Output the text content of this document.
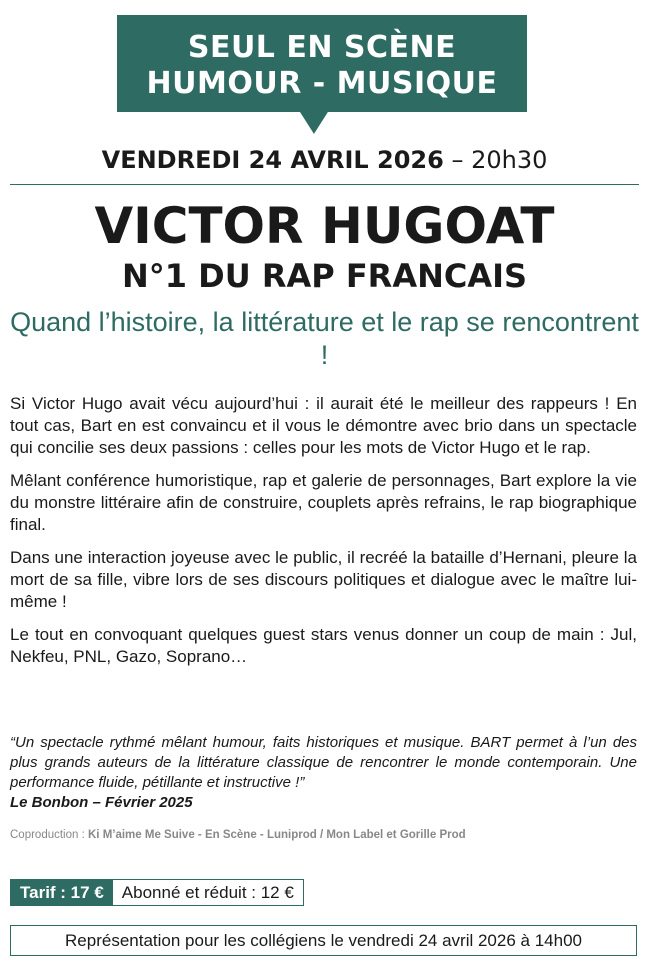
SEUL EN SCÈNE
HUMOUR - MUSIQUE
VENDREDI 24 AVRIL 2026 – 20h30
VICTOR HUGOAT
N°1 DU RAP FRANCAIS
Quand l’histoire, la littérature et le rap se rencontrent !

Si Victor Hugo avait vécu aujourd’hui : il aurait été le meilleur des rappeurs ! En tout cas, Bart en est convaincu et il vous le démontre avec brio dans un spectacle qui concilie ses deux passions : celles pour les mots de Victor Hugo et le rap.

Mêlant conférence humoristique, rap et galerie de personnages, Bart explore la vie du monstre littéraire afin de construire, couplets après refrains, le rap biographique final.

Dans une interaction joyeuse avec le public, il recréé la bataille d’Hernani, pleure la mort de sa fille, vibre lors de ses discours politiques et dialogue avec le maître lui-même !

Le tout en convoquant quelques guest stars venus donner un coup de main : Jul, Nekfeu, PNL, Gazo, Soprano…

“Un spectacle rythmé mêlant humour, faits historiques et musique. BART permet à l’un des plus grands auteurs de la littérature classique de rencontrer le monde contemporain. Une performance fluide, pétillante et instructive !”
Le Bonbon – Février 2025
Coproduction : Ki M’aime Me Suive - En Scène - Luniprod / Mon Label et Gorille Prod
Tarif : 17 €	Abonné et réduit : 12 €
Représentation pour les collégiens le vendredi 24 avril 2026 à 14h00
